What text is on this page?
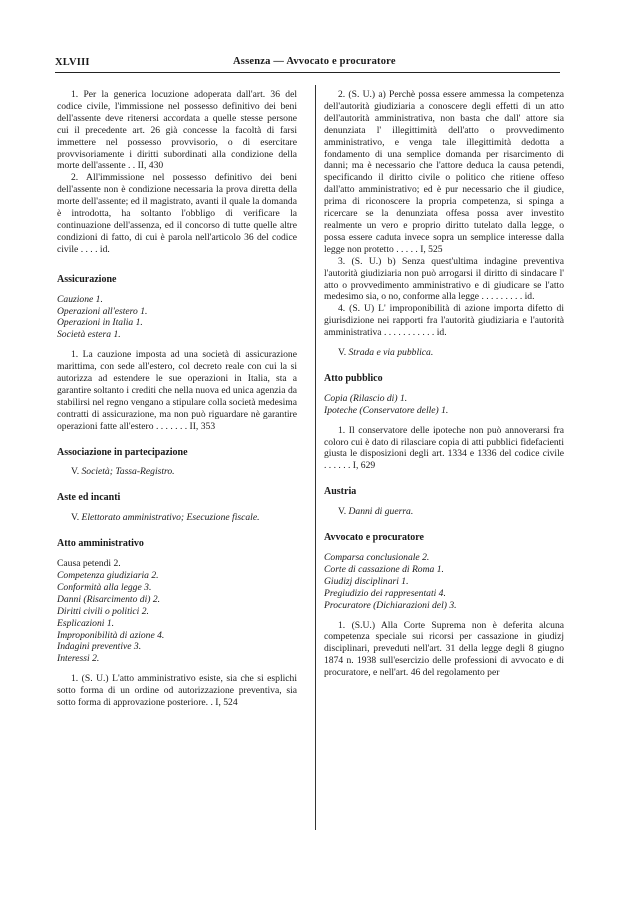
XLVIII	Assenza — Avvocato e procuratore

1. Per la generica locuzione adoperata dall'art. 36 del codice civile, l'immissione nel possesso definitivo dei beni dell'assente deve ritenersi accordata a quelle stesse persone cui il precedente art. 26 già concesse la facoltà di farsi immettere nel possesso provvisorio, o di esercitare provvisoriamente i diritti subordinati alla condizione della morte dell'assente . . II, 430

2. All'immissione nel possesso definitivo dei beni dell'assente non è condizione necessaria la prova diretta della morte dell'assente; ed il magistrato, avanti il quale la domanda è introdotta, ha soltanto l'obbligo di verificare la continuazione dell'assenza, ed il concorso di tutte quelle altre condizioni di fatto, di cui è parola nell'articolo 36 del codice civile . . . . id.

Assicurazione

Cauzione 1.
Operazioni all'estero 1.
Operazioni in Italia 1.
Società estera 1.

1. La cauzione imposta ad una società di assicurazione marittima, con sede all'estero, col decreto reale con cui la si autorizza ad estendere le sue operazioni in Italia, sta a garantire soltanto i crediti che nella nuova ed unica agenzia da stabilirsi nel regno vengano a stipulare colla società medesima contratti di assicurazione, ma non può riguardare nè garantire operazioni fatte all'estero . . . . . . . II, 353

Associazione in partecipazione

V. Società; Tassa-Registro.

Aste ed incanti

V. Elettorato amministrativo; Esecuzione fiscale.

Atto amministrativo

Causa petendi 2.
Competenza giudiziaria 2.
Conformità alla legge 3.
Danni (Risarcimento di) 2.
Diritti civili o politici 2.
Esplicazioni 1.
Improponibilità di azione 4.
Indagini preventive 3.
Interessi 2.

1. (S. U.) L'atto amministrativo esiste, sia che si esplichi sotto forma di un ordine od autorizzazione preventiva, sia sotto forma di approvazione posteriore. . I, 524

2. (S. U.) a) Perchè possa essere ammessa la competenza dell'autorità giudiziaria a conoscere degli effetti di un atto dell'autorità amministrativa, non basta che dall' attore sia denunziata l' illegittimità dell'atto o provvedimento amministrativo, e venga tale illegittimità dedotta a fondamento di una semplice domanda per risarcimento di danni; ma è necessario che l'attore deduca la causa petendi, specificando il diritto civile o politico che ritiene offeso dall'atto amministrativo; ed è pur necessario che il giudice, prima di riconoscere la propria competenza, si spinga a ricercare se la denunziata offesa possa aver investito realmente un vero e proprio diritto tutelato dalla legge, o possa essere caduta invece sopra un semplice interesse dalla legge non protetto . . . . . I, 525

3. (S. U.) b) Senza quest'ultima indagine preventiva l'autorità giudiziaria non può arrogarsi il diritto di sindacare l' atto o provvedimento amministrativo e di giudicare se l'atto medesimo sia, o no, conforme alla legge . . . . . . . . . id.

4. (S. U) L' improponibilità di azione importa difetto di giurisdizione nei rapporti fra l'autorità giudiziaria e l'autorità amministrativa . . . . . . . . . . . id.

V. Strada e via pubblica.

Atto pubblico

Copia (Rilascio di) 1.
Ipoteche (Conservatore delle) 1.

1. Il conservatore delle ipoteche non può annoverarsi fra coloro cui è dato di rilasciare copia di atti pubblici fidefacienti giusta le disposizioni degli art. 1334 e 1336 del codice civile . . . . . . I, 629

Austria

V. Danni di guerra.

Avvocato e procuratore

Comparsa conclusionale 2.
Corte di cassazione di Roma 1.
Giudizj disciplinari 1.
Pregiudizio dei rappresentati 4.
Procuratore (Dichiarazioni del) 3.

1. (S.U.) Alla Corte Suprema non è deferita alcuna competenza speciale sui ricorsi per cassazione in giudizj disciplinari, preveduti nell'art. 31 della legge degli 8 giugno 1874 n. 1938 sull'esercizio delle professioni di avvocato e di procuratore, e nell'art. 46 del regolamento per
